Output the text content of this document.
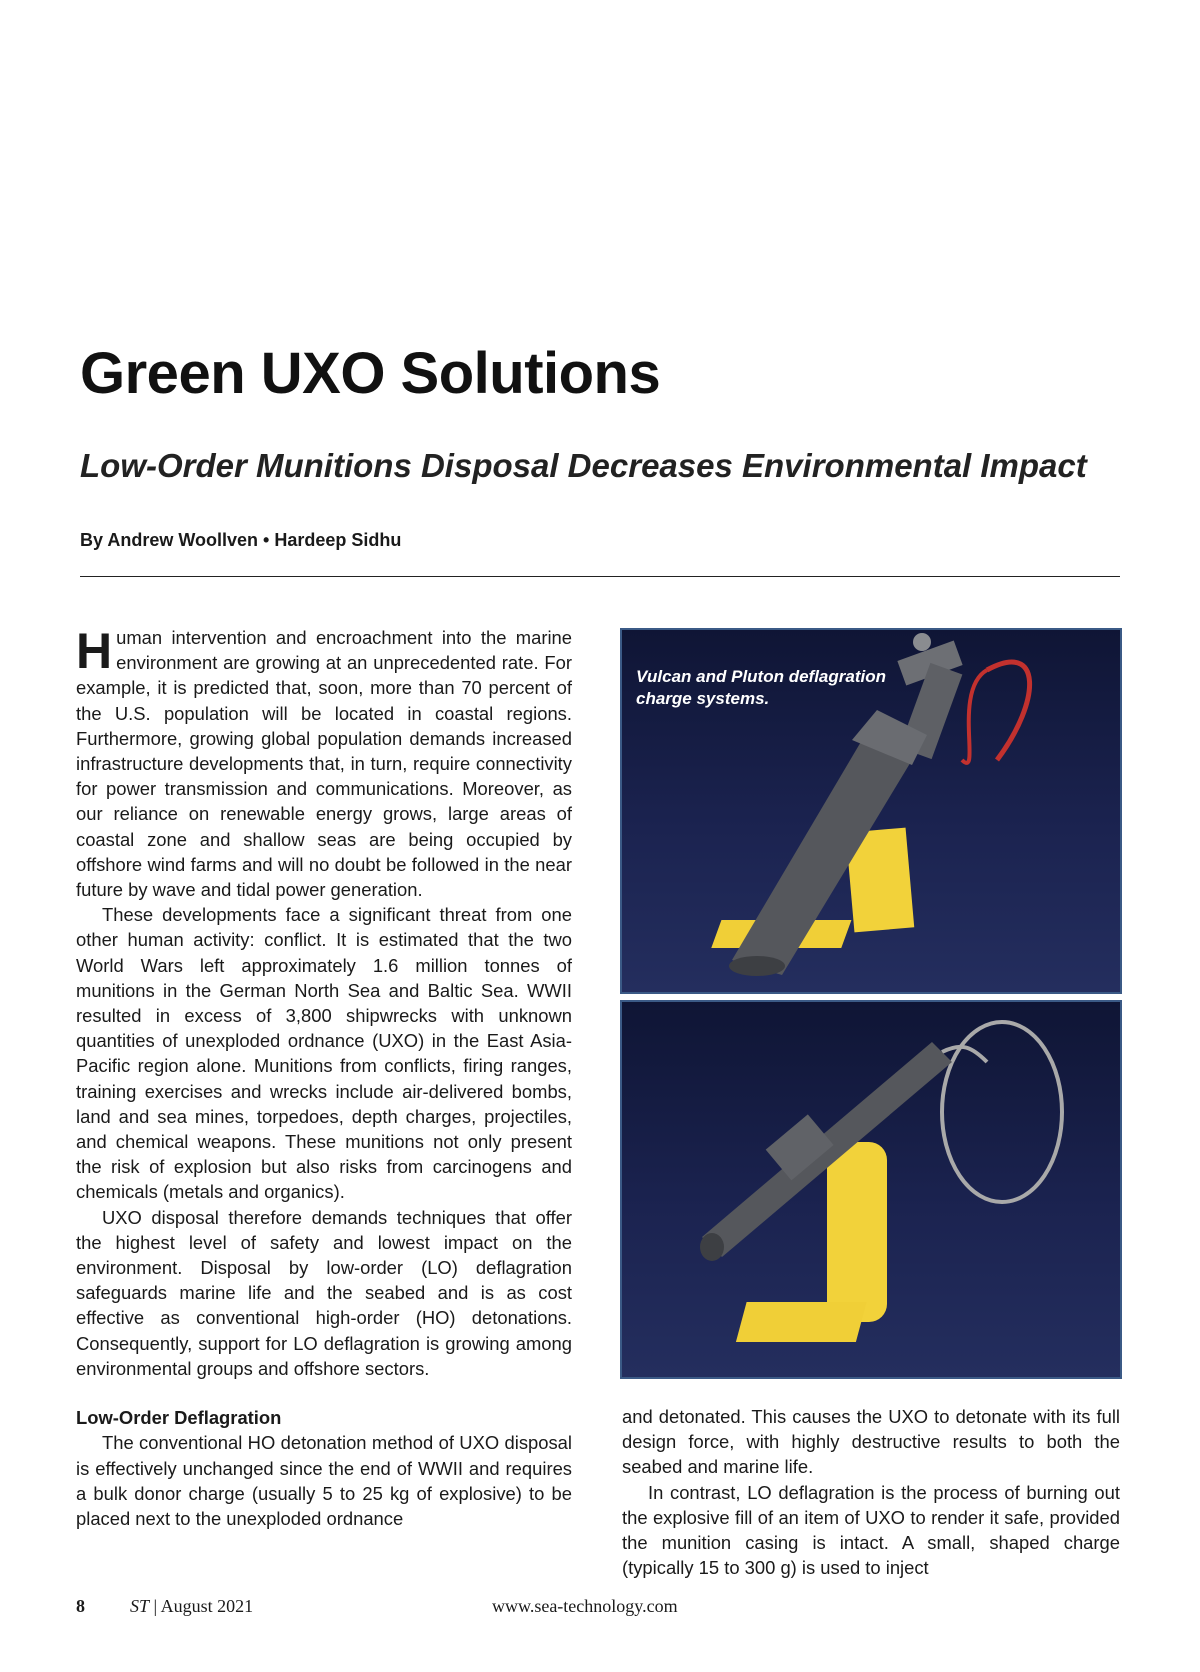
Green UXO Solutions
Low-Order Munitions Disposal Decreases Environmental Impact

By Andrew Woollven • Hardeep Sidhu

Human intervention and encroachment into the marine environment are growing at an unprecedented rate. For example, it is predicted that, soon, more than 70 percent of the U.S. population will be located in coastal regions. Furthermore, growing global population demands increased infrastructure developments that, in turn, require connectivity for power transmission and communications. Moreover, as our reliance on renewable energy grows, large areas of coastal zone and shallow seas are being occupied by offshore wind farms and will no doubt be followed in the near future by wave and tidal power generation.

These developments face a significant threat from one other human activity: conflict. It is estimated that the two World Wars left approximately 1.6 million tonnes of munitions in the German North Sea and Baltic Sea. WWII resulted in excess of 3,800 shipwrecks with unknown quantities of unexploded ordnance (UXO) in the East Asia-Pacific region alone. Munitions from conflicts, firing ranges, training exercises and wrecks include air-delivered bombs, land and sea mines, torpedoes, depth charges, projectiles, and chemical weapons. These munitions not only present the risk of explosion but also risks from carcinogens and chemicals (metals and organics).

UXO disposal therefore demands techniques that offer the highest level of safety and lowest impact on the environment. Disposal by low-order (LO) deflagration safeguards marine life and the seabed and is as cost effective as conventional high-order (HO) detonations. Consequently, support for LO deflagration is growing among environmental groups and offshore sectors.

Low-Order Deflagration

The conventional HO detonation method of UXO disposal is effectively unchanged since the end of WWII and requires a bulk donor charge (usually 5 to 25 kg of explosive) to be placed next to the unexploded ordnance

Vulcan and Pluton deflagration charge systems.

and detonated. This causes the UXO to detonate with its full design force, with highly destructive results to both the seabed and marine life.

In contrast, LO deflagration is the process of burning out the explosive fill of an item of UXO to render it safe, provided the munition casing is intact. A small, shaped charge (typically 15 to 300 g) is used to inject

8	ST | August 2021	www.sea-technology.com
